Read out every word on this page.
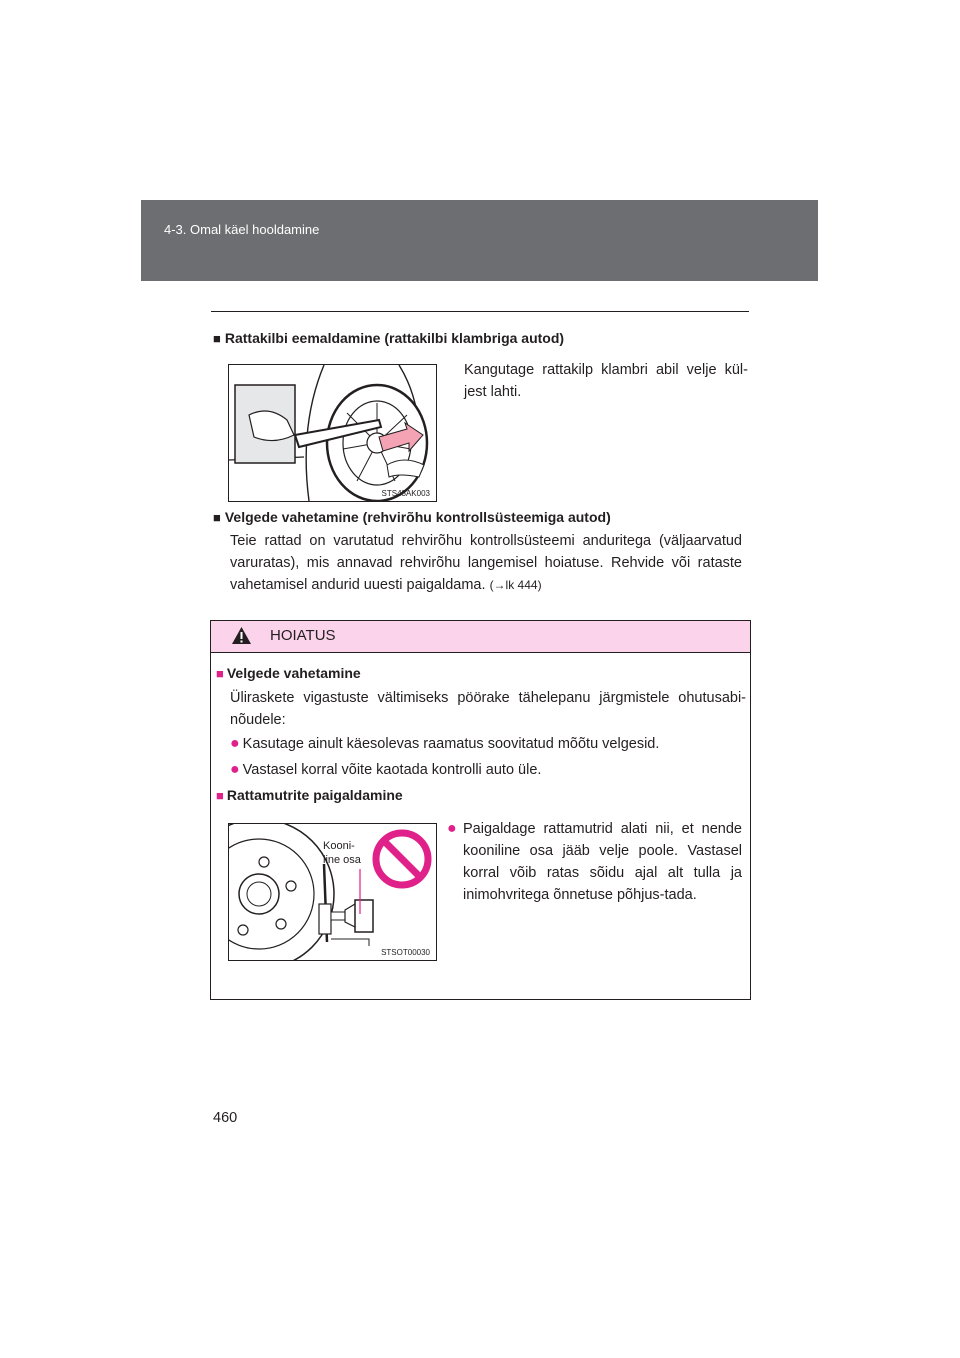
4-3. Omal käel hooldamine
■ Rattakilbi eemaldamine (rattakilbi klambriga autod)
STS43AK003
Kangutage rattakilp klambri abil velje kül-jest lahti.
■ Velgede vahetamine (rehvirõhu kontrollsüsteemiga autod)
Teie rattad on varutatud rehvirõhu kontrollsüsteemi anduritega (väljaarvatud varuratas), mis annavad rehvirõhu langemisel hoiatuse. Rehvide või rataste vahetamisel andurid uuesti paigaldama. (→lk 444)
HOIATUS
■ Velgede vahetamine
Üliraskete vigastuste vältimiseks pöörake tähelepanu järgmistele ohutusabi-nõudele:
● Kasutage ainult käesolevas raamatus soovitatud mõõtu velgesid.
● Vastasel korral võite kaotada kontrolli auto üle.
■ Rattamutrite paigaldamine
Kooni-
line osa
STSOT00030
● Paigaldage rattamutrid alati nii, et nende kooniline osa jääb velje poole. Vastasel korral võib ratas sõidu ajal alt tulla ja inimohvritega õnnetuse põhjus-tada.
460
